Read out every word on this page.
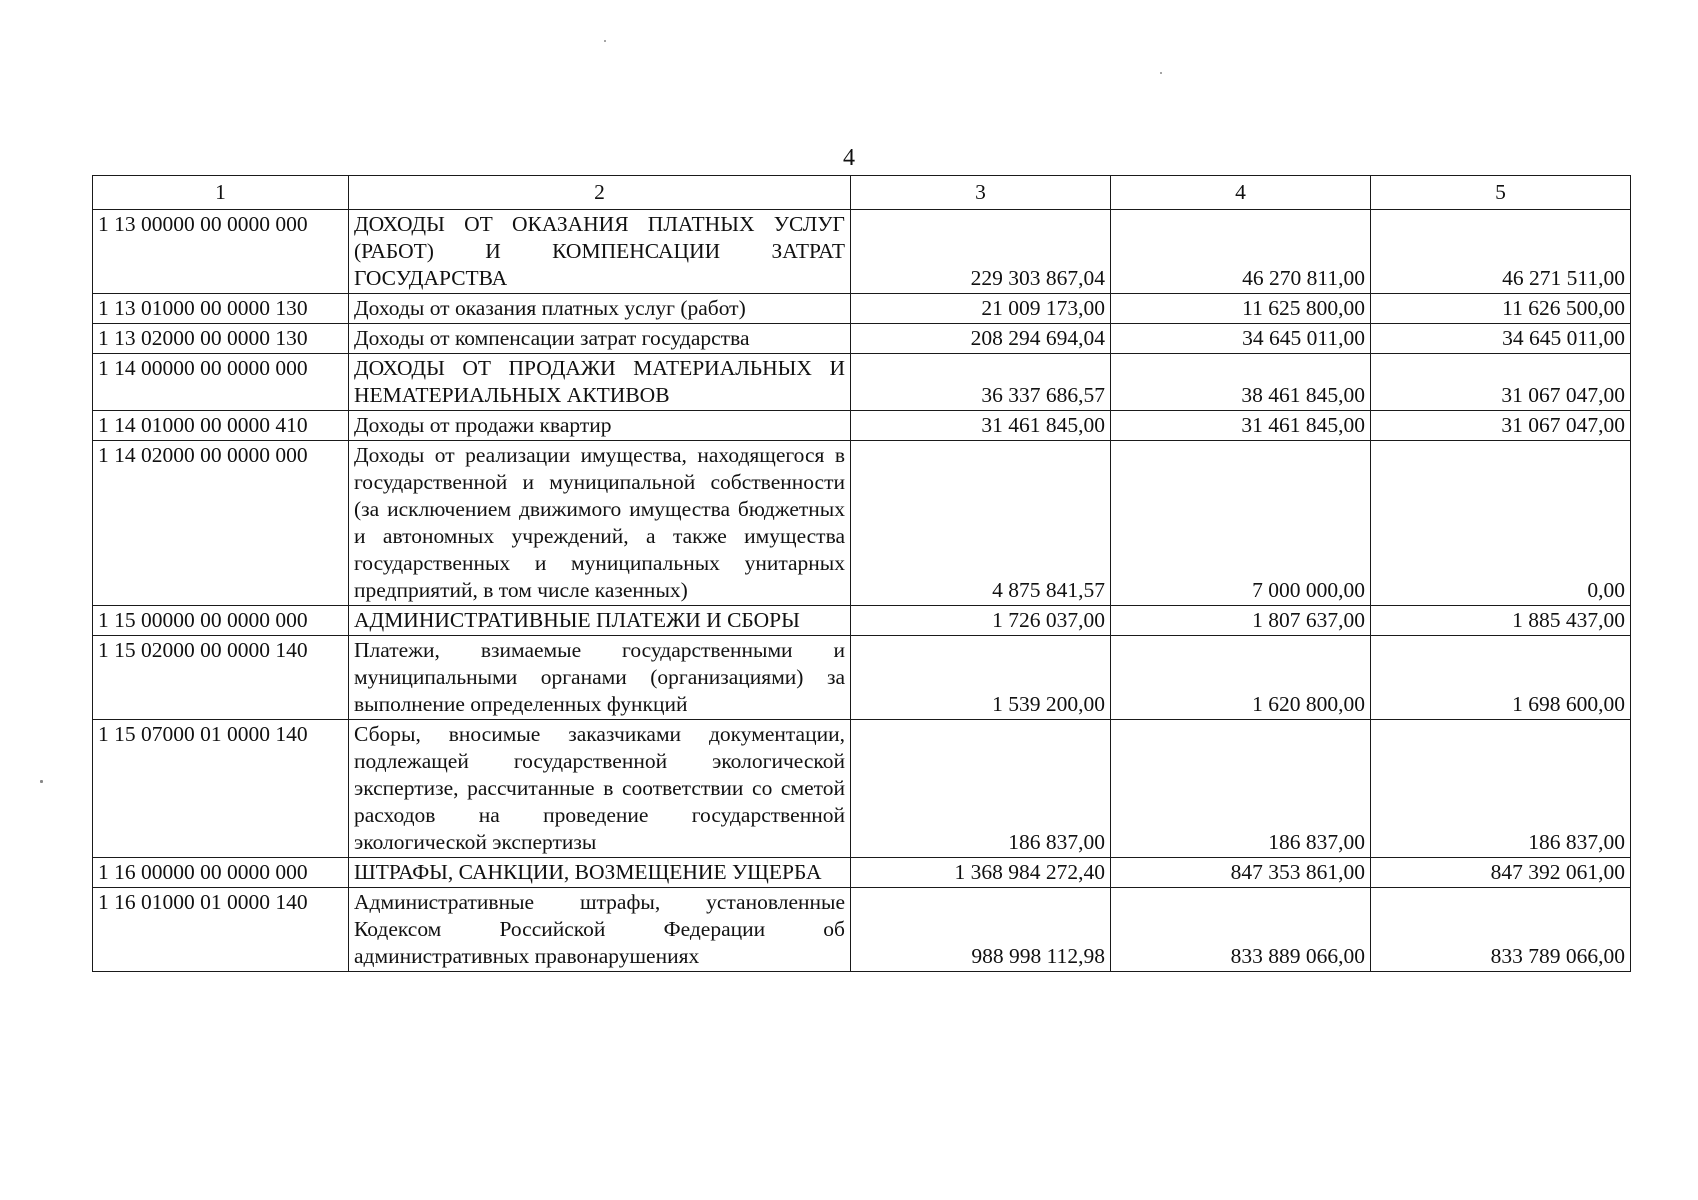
4
1	2	3	4	5
1 13 00000 00 0000 000	ДОХОДЫ ОТ ОКАЗАНИЯ ПЛАТНЫХ УСЛУГ (РАБОТ) И КОМПЕНСАЦИИ ЗАТРАТ ГОСУДАРСТВА	229 303 867,04	46 270 811,00	46 271 511,00
1 13 01000 00 0000 130	Доходы от оказания платных услуг (работ)	21 009 173,00	11 625 800,00	11 626 500,00
1 13 02000 00 0000 130	Доходы от компенсации затрат государства	208 294 694,04	34 645 011,00	34 645 011,00
1 14 00000 00 0000 000	ДОХОДЫ ОТ ПРОДАЖИ МАТЕРИАЛЬНЫХ И НЕМАТЕРИАЛЬНЫХ АКТИВОВ	36 337 686,57	38 461 845,00	31 067 047,00
1 14 01000 00 0000 410	Доходы от продажи квартир	31 461 845,00	31 461 845,00	31 067 047,00
1 14 02000 00 0000 000	Доходы от реализации имущества, находящегося в государственной и муниципальной собственности (за исключением движимого имущества бюджетных и автономных учреждений, а также имущества государственных и муниципальных унитарных предприятий, в том числе казенных)	4 875 841,57	7 000 000,00	0,00
1 15 00000 00 0000 000	АДМИНИСТРАТИВНЫЕ ПЛАТЕЖИ И СБОРЫ	1 726 037,00	1 807 637,00	1 885 437,00
1 15 02000 00 0000 140	Платежи, взимаемые государственными и муниципальными органами (организациями) за выполнение определенных функций	1 539 200,00	1 620 800,00	1 698 600,00
1 15 07000 01 0000 140	Сборы, вносимые заказчиками документации, подлежащей государственной экологической экспертизе, рассчитанные в соответствии со сметой расходов на проведение государственной экологической экспертизы	186 837,00	186 837,00	186 837,00
1 16 00000 00 0000 000	ШТРАФЫ, САНКЦИИ, ВОЗМЕЩЕНИЕ УЩЕРБА	1 368 984 272,40	847 353 861,00	847 392 061,00
1 16 01000 01 0000 140	Административные штрафы, установленные Кодексом Российской Федерации об административных правонарушениях	988 998 112,98	833 889 066,00	833 789 066,00
